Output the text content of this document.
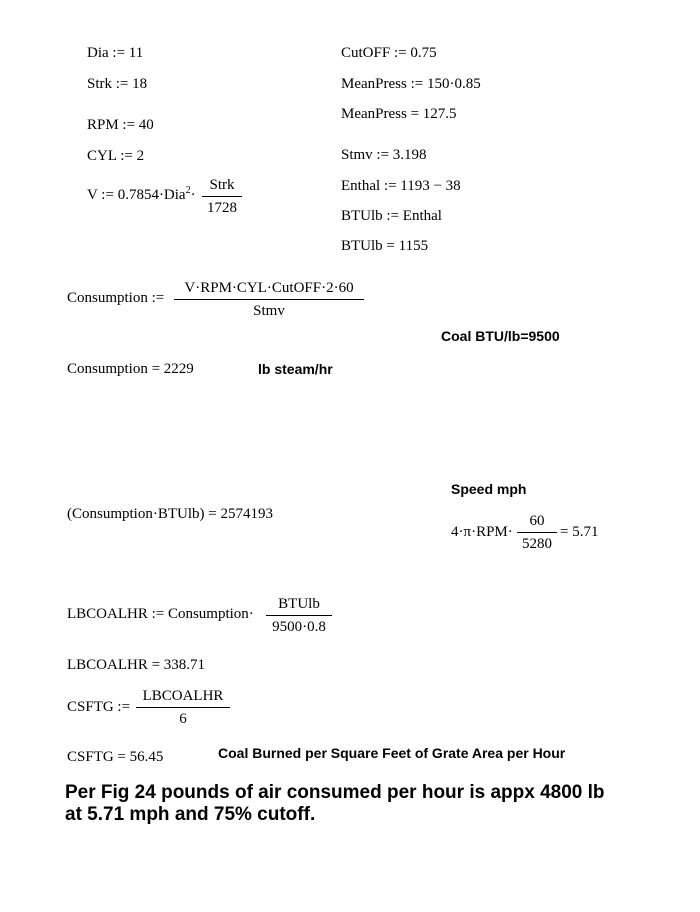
Dia := 11
Strk := 18
RPM := 40
CYL := 2
V := 0.7854·Dia$^2$·
Strk
1728
CutOFF := 0.75
MeanPress := 150·0.85
MeanPress = 127.5
Stmv := 3.198
Enthal := 1193 − 38
BTUlb := Enthal
BTUlb = 1155
Consumption :=
V·RPM·CYL·CutOFF·2·60
Stmv
Coal BTU/lb=9500
Consumption = 2229	lb steam/hr
Speed mph
(Consumption·BTUlb) = 2574193
4·π·RPM·
60
5280
= 5.71
LBCOALHR := Consumption·
BTUlb
9500·0.8
LBCOALHR = 338.71
CSFTG :=
LBCOALHR
6
CSFTG = 56.45	Coal Burned per Square Feet of Grate Area per Hour
Per Fig 24 pounds of air consumed per hour is appx 4800 lb
at 5.71 mph and 75% cutoff.
